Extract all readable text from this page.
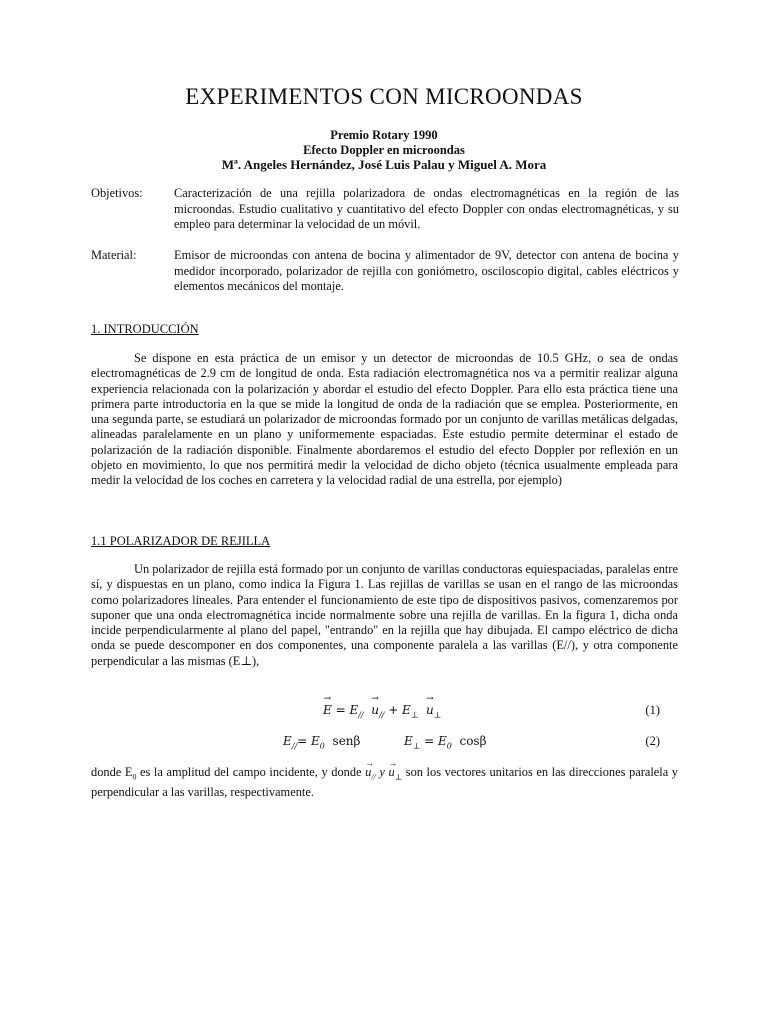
EXPERIMENTOS CON MICROONDAS
Premio Rotary 1990
Efecto Doppler en microondas
Mª. Angeles Hernández, José Luis Palau y Miguel A. Mora
Objetivos:	Caracterización de una rejilla polarizadora de ondas electromagnéticas en la región de las microondas. Estudio cualitativo y cuantitativo del efecto Doppler con ondas electromagnéticas, y su empleo para determinar la velocidad de un móvil.
Material:	Emisor de microondas con antena de bocina y alimentador de 9V, detector con antena de bocina y medidor incorporado, polarizador de rejilla con goniómetro, osciloscopio digital, cables eléctricos y elementos mecánicos del montaje.
1. INTRODUCCIÓN

Se dispone en esta práctica de un emisor y un detector de microondas de 10.5 GHz, o sea de ondas electromagnéticas de 2.9 cm de longitud de onda. Esta radiación electromagnética nos va a permitir realizar alguna experiencia relacionada con la polarización y abordar el estudio del efecto Doppler. Para ello esta práctica tiene una primera parte introductoria en la que se mide la longitud de onda de la radiación que se emplea. Posteriormente, en una segunda parte, se estudiará un polarizador de microondas formado por un conjunto de varillas metálicas delgadas, alineadas paralelamente en un plano y uniformemente espaciadas. Este estudio permite determinar el estado de polarización de la radiación disponible. Finalmente abordaremos el estudio del efecto Doppler por reflexión en un objeto en movimiento, lo que nos permitirá medir la velocidad de dicho objeto (técnica usualmente empleada para medir la velocidad de los coches en carretera y la velocidad radial de una estrella, por ejemplo)

1.1 POLARIZADOR DE REJILLA

Un polarizador de rejilla está formado por un conjunto de varillas conductoras equiespaciadas, paralelas entre sí, y dispuestas en un plano, como indica la Figura 1. Las rejillas de varillas se usan en el rango de las microondas como polarizadores lineales. Para entender el funcionamiento de este tipo de dispositivos pasivos, comenzaremos por suponer que una onda electromagnética incide normalmente sobre una rejilla de varillas. En la figura 1, dicha onda incide perpendicularmente al plano del papel, "entrando" en la rejilla que hay dibujada. El campo eléctrico de dicha onda se puede descomponer en dos componentes, una componente paralela a las varillas (E//), y otra componente perpendicular a las mismas (E⊥),

→ $E = E_{//} \to u_{//} + E_\perp \to u_\perp$	(1)
$E_{//}= E_0$ senβ	$E_\perp = E_0$ cosβ	(2)

donde $E_0$ es la amplitud del campo incidente, y donde → $u_{//}$ $y \to u_\perp$ son los vectores unitarios en las direcciones paralela y perpendicular a las varillas, respectivamente.
